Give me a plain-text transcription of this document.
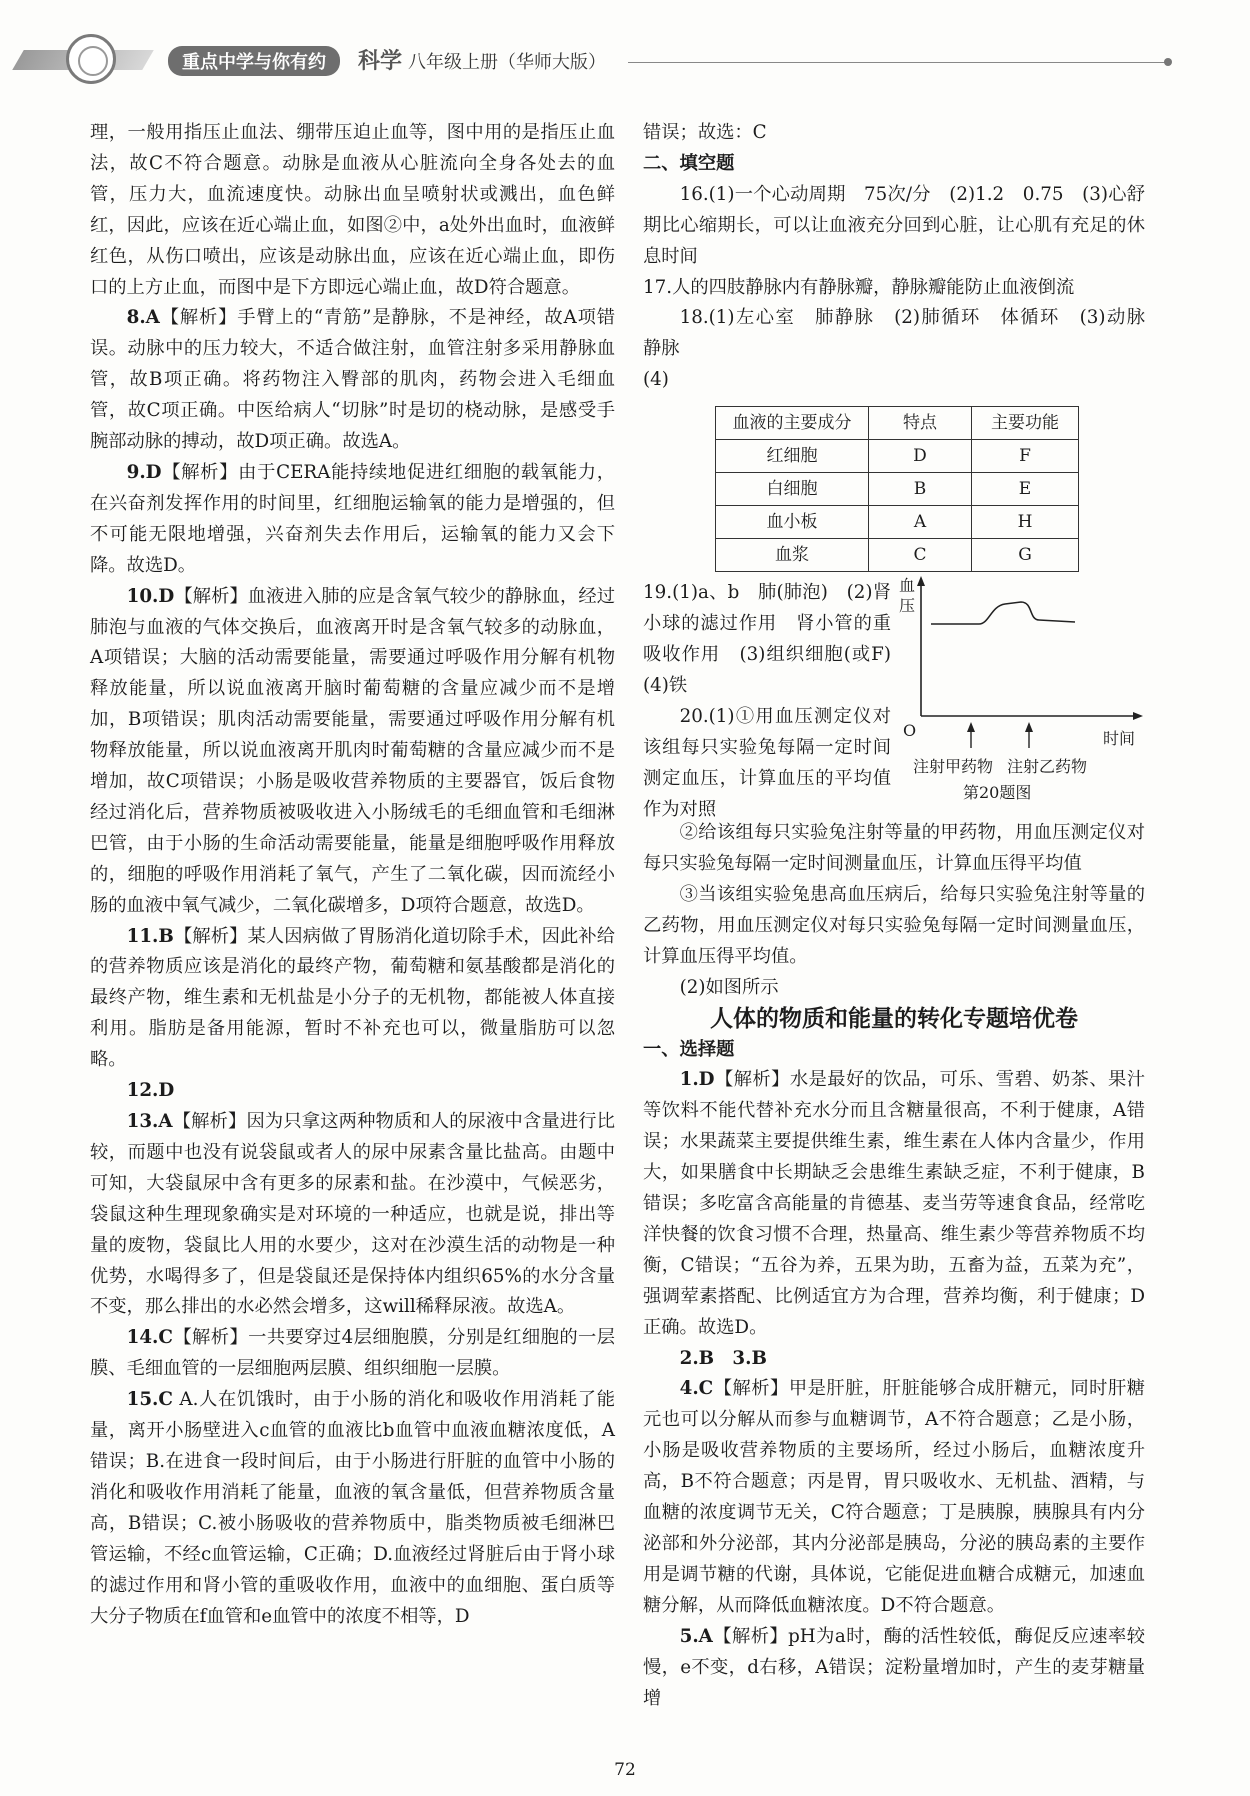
重点中学与你有约	科学 八年级上册（华师大版）

理，一般用指压止血法、绷带压迫止血等，图中用的是指压止血法，故C不符合题意。动脉是血液从心脏流向全身各处去的血管，压力大，血流速度快。动脉出血呈喷射状或溅出，血色鲜红，因此，应该在近心端止血，如图②中，a处外出血时，血液鲜红色，从伤口喷出，应该是动脉出血，应该在近心端止血，即伤口的上方止血，而图中是下方即远心端止血，故D符合题意。

8.A【解析】手臂上的“青筋”是静脉，不是神经，故A项错误。动脉中的压力较大，不适合做注射，血管注射多采用静脉血管，故B项正确。将药物注入臀部的肌肉，药物会进入毛细血管，故C项正确。中医给病人“切脉”时是切的桡动脉，是感受手腕部动脉的搏动，故D项正确。故选A。

9.D【解析】由于CERA能持续地促进红细胞的载氧能力，在兴奋剂发挥作用的时间里，红细胞运输氧的能力是增强的，但不可能无限地增强，兴奋剂失去作用后，运输氧的能力又会下降。故选D。

10.D【解析】血液进入肺的应是含氧气较少的静脉血，经过肺泡与血液的气体交换后，血液离开时是含氧气较多的动脉血，A项错误；大脑的活动需要能量，需要通过呼吸作用分解有机物释放能量，所以说血液离开脑时葡萄糖的含量应减少而不是增加，B项错误；肌肉活动需要能量，需要通过呼吸作用分解有机物释放能量，所以说血液离开肌肉时葡萄糖的含量应减少而不是增加，故C项错误；小肠是吸收营养物质的主要器官，饭后食物经过消化后，营养物质被吸收进入小肠绒毛的毛细血管和毛细淋巴管，由于小肠的生命活动需要能量，能量是细胞呼吸作用释放的，细胞的呼吸作用消耗了氧气，产生了二氧化碳，因而流经小肠的血液中氧气减少，二氧化碳增多，D项符合题意，故选D。

11.B【解析】某人因病做了胃肠消化道切除手术，因此补给的营养物质应该是消化的最终产物，葡萄糖和氨基酸都是消化的最终产物，维生素和无机盐是小分子的无机物，都能被人体直接利用。脂肪是备用能源，暂时不补充也可以，微量脂肪可以忽略。

12.D

13.A【解析】因为只拿这两种物质和人的尿液中含量进行比较，而题中也没有说袋鼠或者人的尿中尿素含量比盐高。由题中可知，大袋鼠尿中含有更多的尿素和盐。在沙漠中，气候恶劣，袋鼠这种生理现象确实是对环境的一种适应，也就是说，排出等量的废物，袋鼠比人用的水要少，这对在沙漠生活的动物是一种优势，水喝得多了，但是袋鼠还是保持体内组织65%的水分含量不变，那么排出的水必然会增多，这will稀释尿液。故选A。

14.C【解析】一共要穿过4层细胞膜，分别是红细胞的一层膜、毛细血管的一层细胞两层膜、组织细胞一层膜。

15.C A.人在饥饿时，由于小肠的消化和吸收作用消耗了能量，离开小肠壁进入c血管的血液比b血管中血液血糖浓度低，A错误；B.在进食一段时间后，由于小肠进行肝脏的血管中小肠的消化和吸收作用消耗了能量，血液的氧含量低，但营养物质含量高，B错误；C.被小肠吸收的营养物质中，脂类物质被毛细淋巴管运输，不经c血管运输，C正确；D.血液经过肾脏后由于肾小球的滤过作用和肾小管的重吸收作用，血液中的血细胞、蛋白质等大分子物质在f血管和e血管中的浓度不相等，D

错误；故选：C

二、填空题

16.(1)一个心动周期　75次/分　(2)1.2　0.75　(3)心舒期比心缩期长，可以让血液充分回到心脏，让心肌有充足的休息时间

17.人的四肢静脉内有静脉瓣，静脉瓣能防止血液倒流

18.(1)左心室　肺静脉　(2)肺循环　体循环　(3)动脉　静脉

(4)

血液的主要成分	特点	主要功能
红细胞	D	F
白细胞	B	E
血小板	A	H
血浆	C	G

19.(1)a、b　肺(肺泡)　(2)肾小球的滤过作用　肾小管的重吸收作用　(3)组织细胞(或F)　(4)铁

20.(1)①用血压测定仪对该组每只实验兔每隔一定时间测定血压，计算血压的平均值作为对照

血压
O	时间
注射甲药物 注射乙药物
第20题图

②给该组每只实验兔注射等量的甲药物，用血压测定仪对每只实验兔每隔一定时间测量血压，计算血压得平均值

③当该组实验兔患高血压病后，给每只实验兔注射等量的乙药物，用血压测定仪对每只实验兔每隔一定时间测量血压，计算血压得平均值。

(2)如图所示

人体的物质和能量的转化专题培优卷

一、选择题

1.D【解析】水是最好的饮品，可乐、雪碧、奶茶、果汁等饮料不能代替补充水分而且含糖量很高，不利于健康，A错误；水果蔬菜主要提供维生素，维生素在人体内含量少，作用大，如果膳食中长期缺乏会患维生素缺乏症，不利于健康，B错误；多吃富含高能量的肯德基、麦当劳等速食食品，经常吃洋快餐的饮食习惯不合理，热量高、维生素少等营养物质不均衡，C错误；“五谷为养，五果为助，五畜为益，五菜为充”，强调荤素搭配、比例适宜方为合理，营养均衡，利于健康；D正确。故选D。

2.B　3.B

4.C【解析】甲是肝脏，肝脏能够合成肝糖元，同时肝糖元也可以分解从而参与血糖调节，A不符合题意；乙是小肠，小肠是吸收营养物质的主要场所，经过小肠后，血糖浓度升高，B不符合题意；丙是胃，胃只吸收水、无机盐、酒精，与血糖的浓度调节无关，C符合题意；丁是胰腺，胰腺具有内分泌部和外分泌部，其内分泌部是胰岛，分泌的胰岛素的主要作用是调节糖的代谢，具体说，它能促进血糖合成糖元，加速血糖分解，从而降低血糖浓度。D不符合题意。

5.A【解析】pH为a时，酶的活性较低，酶促反应速率较慢，e不变，d右移，A错误；淀粉量增加时，产生的麦芽糖量增

72
